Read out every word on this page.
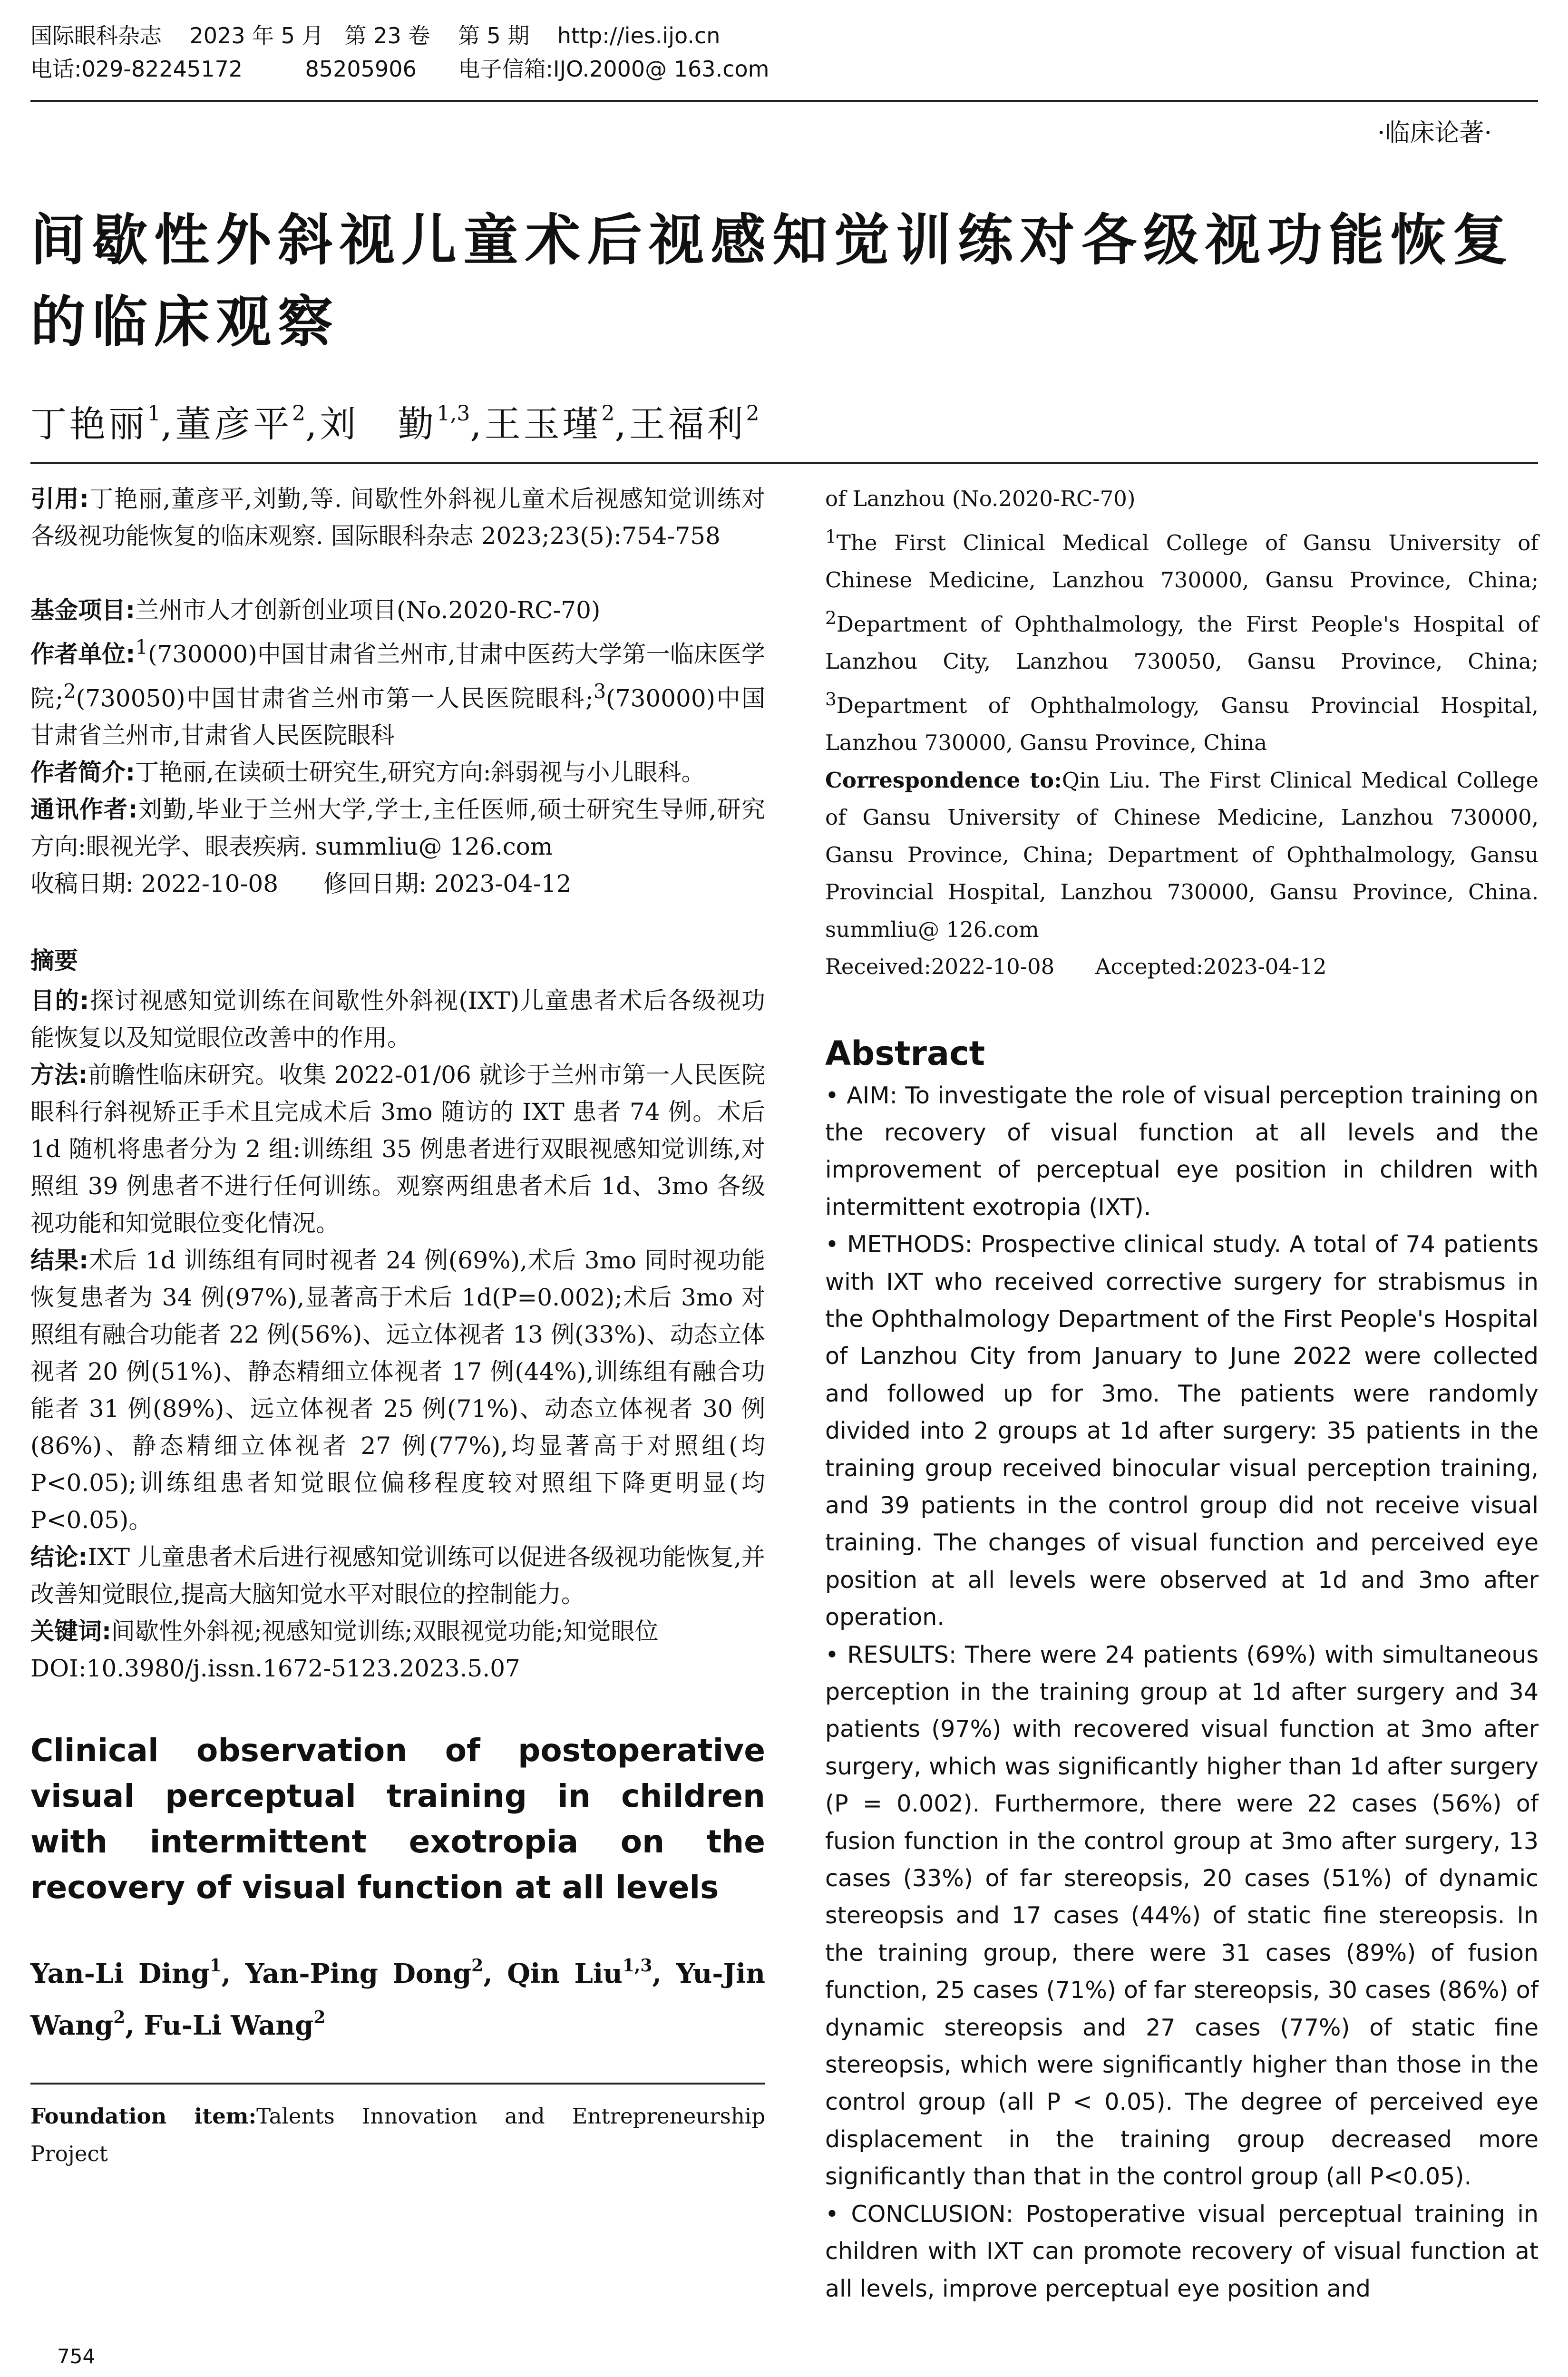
国际眼科杂志    2023 年 5 月   第 23 卷    第 5 期    http://ies.ijo.cn
电话:029-82245172         85205906      电子信箱:IJO.2000@ 163.com
·临床论著·
间歇性外斜视儿童术后视感知觉训练对各级视功能恢复的临床观察
丁艳丽$^1$,董彦平$^2$,刘　勤$^{1,3}$,王玉瑾$^2$,王福利$^2$

引用:丁艳丽,董彦平,刘勤,等. 间歇性外斜视儿童术后视感知觉训练对各级视功能恢复的临床观察. 国际眼科杂志 2023;23(5):754-758

基金项目:兰州市人才创新创业项目(No.2020-RC-70)

作者单位:$^1$(730000)中国甘肃省兰州市,甘肃中医药大学第一临床医学院;$^2$(730050)中国甘肃省兰州市第一人民医院眼科;$^3$(730000)中国甘肃省兰州市,甘肃省人民医院眼科

作者简介:丁艳丽,在读硕士研究生,研究方向:斜弱视与小儿眼科。

通讯作者:刘勤,毕业于兰州大学,学士,主任医师,硕士研究生导师,研究方向:眼视光学、眼表疾病. summliu@ 126.com

收稿日期: 2022-10-08      修回日期: 2023-04-12

摘要

目的:探讨视感知觉训练在间歇性外斜视(IXT)儿童患者术后各级视功能恢复以及知觉眼位改善中的作用。

方法:前瞻性临床研究。收集 2022-01/06 就诊于兰州市第一人民医院眼科行斜视矫正手术且完成术后 3mo 随访的 IXT 患者 74 例。术后 1d 随机将患者分为 2 组:训练组 35 例患者进行双眼视感知觉训练,对照组 39 例患者不进行任何训练。观察两组患者术后 1d、3mo 各级视功能和知觉眼位变化情况。

结果:术后 1d 训练组有同时视者 24 例(69%),术后 3mo 同时视功能恢复患者为 34 例(97%),显著高于术后 1d(P=0.002);术后 3mo 对照组有融合功能者 22 例(56%)、远立体视者 13 例(33%)、动态立体视者 20 例(51%)、静态精细立体视者 17 例(44%),训练组有融合功能者 31 例(89%)、远立体视者 25 例(71%)、动态立体视者 30 例(86%)、静态精细立体视者 27 例(77%),均显著高于对照组(均 P<0.05);训练组患者知觉眼位偏移程度较对照组下降更明显(均 P<0.05)。

结论:IXT 儿童患者术后进行视感知觉训练可以促进各级视功能恢复,并改善知觉眼位,提高大脑知觉水平对眼位的控制能力。

关键词:间歇性外斜视;视感知觉训练;双眼视觉功能;知觉眼位

DOI:10.3980/j.issn.1672-5123.2023.5.07

Clinical observation of postoperative visual perceptual training in children with intermittent exotropia on the recovery of visual function at all levels

Yan-Li Ding$^1$, Yan-Ping Dong$^2$, Qin Liu$^{1,3}$, Yu-Jin Wang$^2$, Fu-Li Wang$^2$

Foundation item:Talents Innovation and Entrepreneurship Project

of Lanzhou (No.2020-RC-70)

$^1$The First Clinical Medical College of Gansu University of Chinese Medicine, Lanzhou 730000, Gansu Province, China; $^2$Department of Ophthalmology, the First People's Hospital of Lanzhou City, Lanzhou 730050, Gansu Province, China; $^3$Department of Ophthalmology, Gansu Provincial Hospital, Lanzhou 730000, Gansu Province, China

Correspondence to:Qin Liu. The First Clinical Medical College of Gansu University of Chinese Medicine, Lanzhou 730000, Gansu Province, China; Department of Ophthalmology, Gansu Provincial Hospital, Lanzhou 730000, Gansu Province, China. summliu@ 126.com

Received:2022-10-08      Accepted:2023-04-12

Abstract

• AIM: To investigate the role of visual perception training on the recovery of visual function at all levels and the improvement of perceptual eye position in children with intermittent exotropia (IXT).

• METHODS: Prospective clinical study. A total of 74 patients with IXT who received corrective surgery for strabismus in the Ophthalmology Department of the First People's Hospital of Lanzhou City from January to June 2022 were collected and followed up for 3mo. The patients were randomly divided into 2 groups at 1d after surgery: 35 patients in the training group received binocular visual perception training, and 39 patients in the control group did not receive visual training. The changes of visual function and perceived eye position at all levels were observed at 1d and 3mo after operation.

• RESULTS: There were 24 patients (69%) with simultaneous perception in the training group at 1d after surgery and 34 patients (97%) with recovered visual function at 3mo after surgery, which was significantly higher than 1d after surgery (P = 0.002). Furthermore, there were 22 cases (56%) of fusion function in the control group at 3mo after surgery, 13 cases (33%) of far stereopsis, 20 cases (51%) of dynamic stereopsis and 17 cases (44%) of static fine stereopsis. In the training group, there were 31 cases (89%) of fusion function, 25 cases (71%) of far stereopsis, 30 cases (86%) of dynamic stereopsis and 27 cases (77%) of static fine stereopsis, which were significantly higher than those in the control group (all P < 0.05). The degree of perceived eye displacement in the training group decreased more significantly than that in the control group (all P<0.05).

• CONCLUSION: Postoperative visual perceptual training in children with IXT can promote recovery of visual function at all levels, improve perceptual eye position and

754
